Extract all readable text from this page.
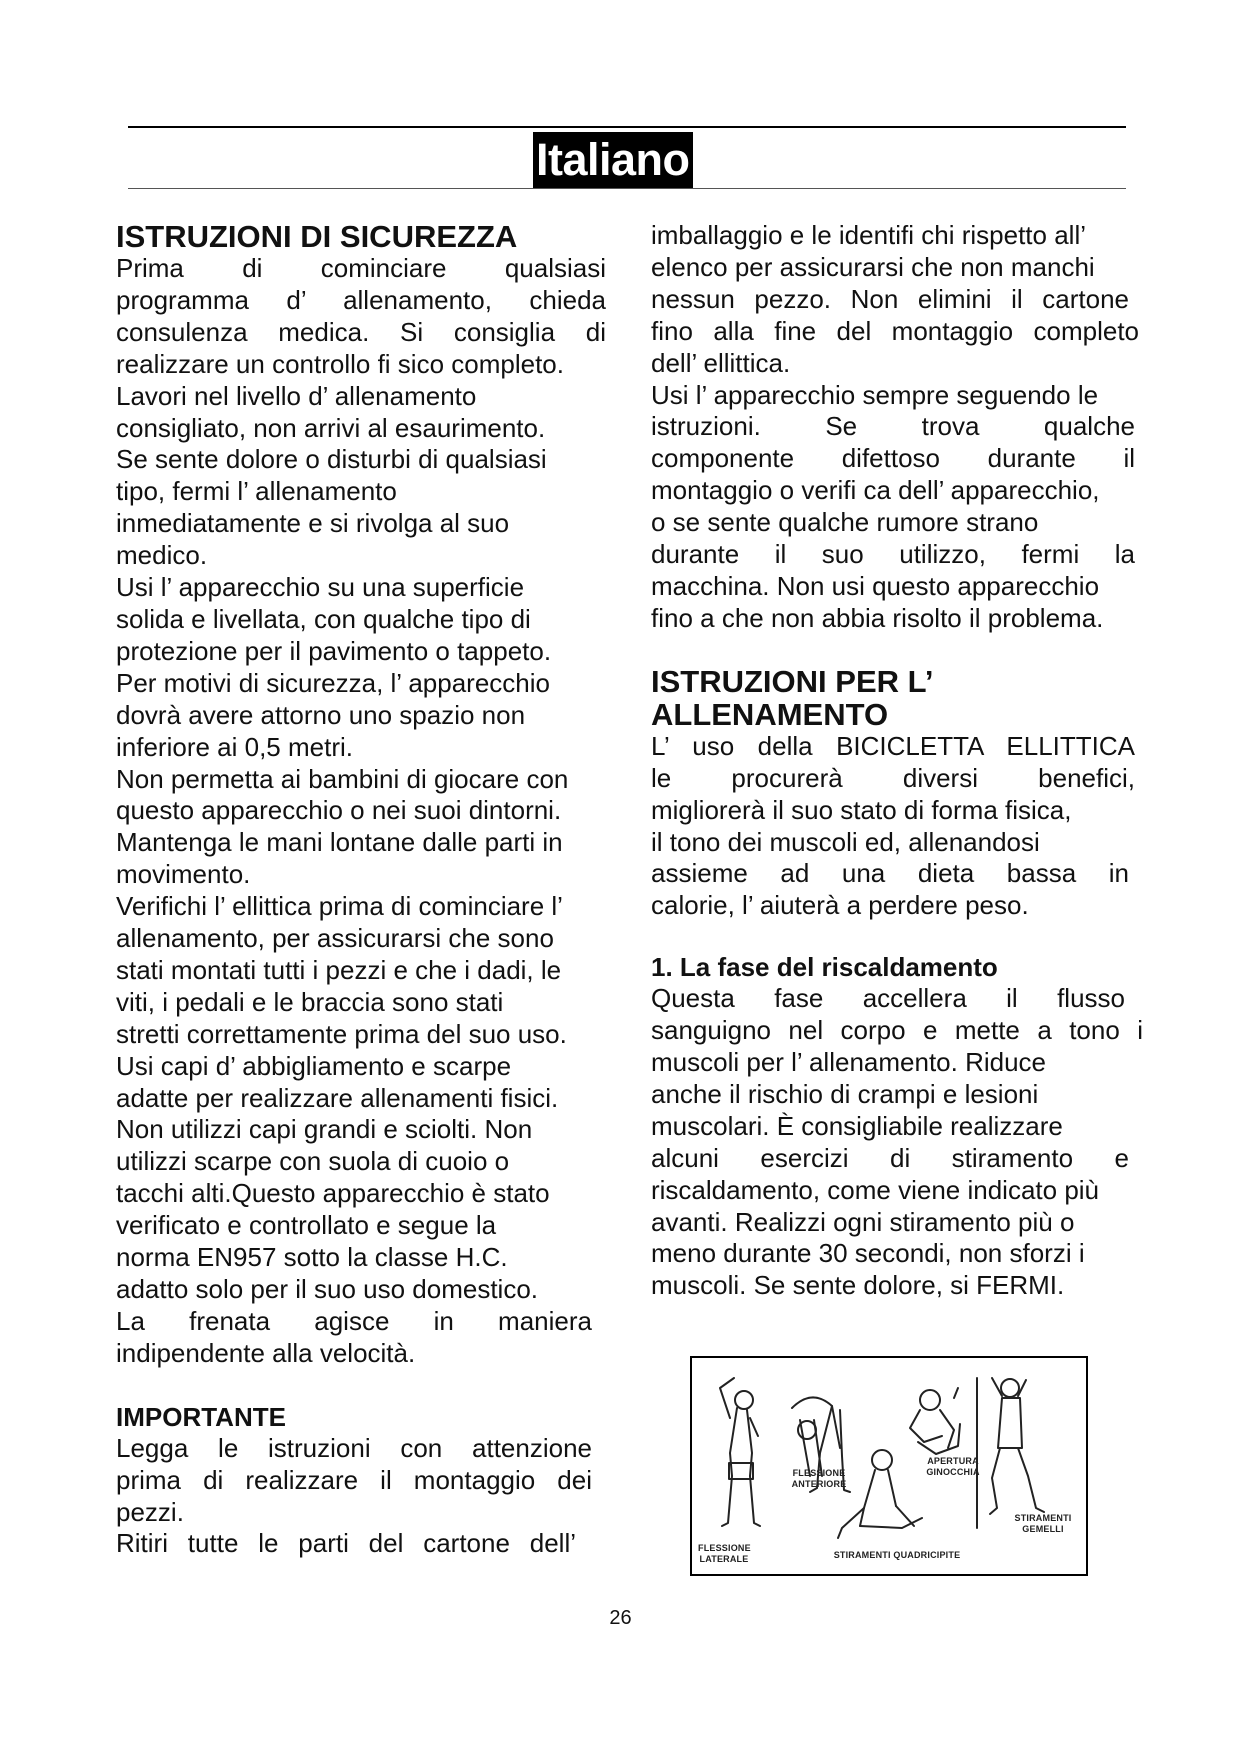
Italiano
ISTRUZIONI DI SICUREZZA
Prima di cominciare qualsiasi
programma d’ allenamento, chieda
consulenza medica. Si consiglia di
realizzare un controllo fi sico completo.
Lavori nel livello d’ allenamento
consigliato, non arrivi al esaurimento.
Se sente dolore o disturbi di qualsiasi
tipo, fermi l’ allenamento
inmediatamente e si rivolga al suo
medico.
Usi l’ apparecchio su una superficie
solida e livellata, con qualche tipo di
protezione per il pavimento o tappeto.
Per motivi di sicurezza, l’ apparecchio
dovrà avere attorno uno spazio non
inferiore ai 0,5 metri.
Non permetta ai bambini di giocare con
questo apparecchio o nei suoi dintorni.
Mantenga le mani lontane dalle parti in
movimento.
Verifichi l’ ellittica prima di cominciare l’
allenamento, per assicurarsi che sono
stati montati tutti i pezzi e che i dadi, le
viti, i pedali e le braccia sono stati
stretti correttamente prima del suo uso.
Usi capi d’ abbigliamento e scarpe
adatte per realizzare allenamenti fisici.
Non utilizzi capi grandi e sciolti. Non
utilizzi scarpe con suola di cuoio o
tacchi alti.Questo apparecchio è stato
verificato e controllato e segue la
norma EN957 sotto la classe H.C.
adatto solo per il suo uso domestico.
La frenata agisce in maniera
indipendente alla velocità.
IMPORTANTE
Legga le istruzioni con attenzione
prima di realizzare il montaggio dei
pezzi.
Ritiri tutte le parti del cartone dell’
imballaggio e le identifi chi rispetto all’
elenco per assicurarsi che non manchi
nessun pezzo. Non elimini il cartone
fino alla fine del montaggio completo
dell’ ellittica.
Usi l’ apparecchio sempre seguendo le
istruzioni. Se trova qualche
componente difettoso durante il
montaggio o verifi ca dell’ apparecchio,
o se sente qualche rumore strano
durante il suo utilizzo, fermi la
macchina. Non usi questo apparecchio
fino a che non abbia risolto il problema.
ISTRUZIONI PER L’
ALLENAMENTO
L’ uso della BICICLETTA ELLITTICA
le procurerà diversi benefici,
migliorerà il suo stato di forma fisica,
il tono dei muscoli ed, allenandosi
assieme ad una dieta bassa in
calorie, l’ aiuterà a perdere peso.
1. La fase del riscaldamento
Questa fase accellera il flusso
sanguigno nel corpo e mette a tono i
muscoli per l’ allenamento. Riduce
anche il rischio di crampi e lesioni
muscolari. È consigliabile realizzare
alcuni esercizi di stiramento e
riscaldamento, come viene indicato più
avanti. Realizzi ogni stiramento più o
meno durante 30 secondi, non sforzi i
muscoli. Se sente dolore, si FERMI.
FLESSIONE LATERALE
FLESSIONE ANTERIORE
STIRAMENTI QUADRICIPITE
APERTURA GINOCCHIA
STIRAMENTI GEMELLI
26
